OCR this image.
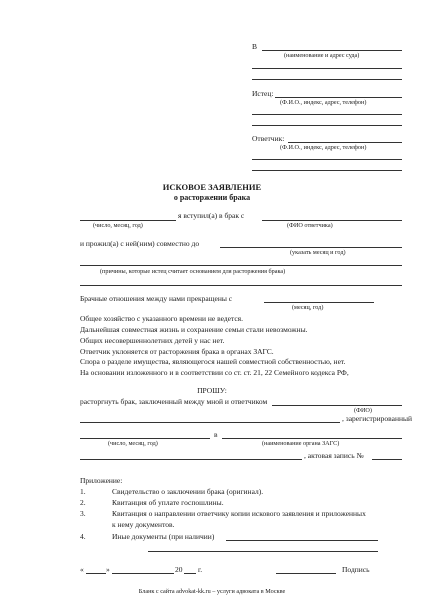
В
(наименование и адрес суда)
Истец:
(Ф.И.О., индекс, адрес, телефон)
Ответчик:
(Ф.И.О., индекс, адрес, телефон)
ИСКОВОЕ ЗАЯВЛЕНИЕ
о расторжении брака
я вступил(а) в брак с
(число, месяц, год)	(ФИО ответчика)
и прожил(а) с ней(ним) совместно до
(указать месяц и год)
(причины, которые истец считает основанием для расторжения брака)
Брачные отношения между нами прекращены с
(месяц, год)
Общее хозяйство с указанного времени не ведется.
Дальнейшая совместная жизнь и сохранение семьи стали невозможны.
Общих несовершеннолетних детей у нас нет.
Ответчик уклоняется от расторжения брака в органах ЗАГС.
Спора о разделе имущества, являющегося нашей совместной собственностью, нет.
На основании изложенного и в соответствии со ст. ст. 21, 22 Семейного кодекса РФ,
ПРОШУ:
расторгнуть брак, заключенный между мной и ответчиком
(ФИО)
, зарегистрированный
в
(число, месяц, год)	(наименование органа ЗАГС)
, актовая запись №
Приложение:
1.	Свидетельство о заключении брака (оригинал).
2.	Квитанция об уплате госпошлины.
3.	Квитанция о направлении ответчику копии искового заявления и приложенных
к нему документов.
4.	Иные документы (при наличии)
«	»	20 г.	Подпись
Бланк с сайта advokat-kk.ru – услуги адвоката в Москве
